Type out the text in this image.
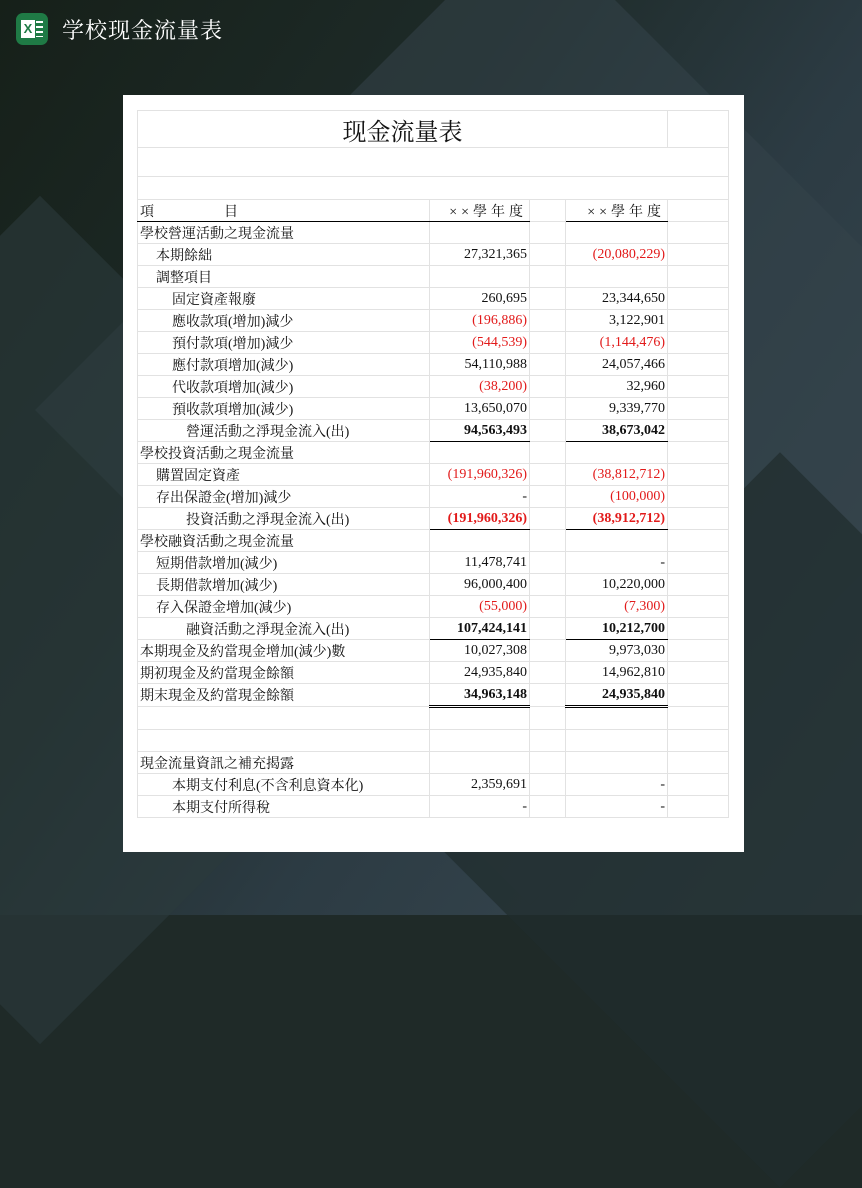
X 学校现金流量表
现金流量表				

項 目	××學年度		××學年度	
學校營運活動之現金流量				
本期餘絀	27,321,365		(20,080,229)	
調整項目				
固定資產報廢	260,695		23,344,650	
應收款項(增加)減少	(196,886)		3,122,901	
預付款項(增加)減少	(544,539)		(1,144,476)	
應付款項增加(減少)	54,110,988		24,057,466	
代收款項增加(減少)	(38,200)		32,960	
預收款項增加(減少)	13,650,070		9,339,770	
營運活動之淨現金流入(出)	94,563,493		38,673,042	
學校投資活動之現金流量				
購置固定資產	(191,960,326)		(38,812,712)	
存出保證金(增加)減少	-		(100,000)	
投資活動之淨現金流入(出)	(191,960,326)		(38,912,712)	
學校融資活動之現金流量				
短期借款增加(減少)	11,478,741		-	
長期借款增加(減少)	96,000,400		10,220,000	
存入保證金增加(減少)	(55,000)		(7,300)	
融資活動之淨現金流入(出)	107,424,141		10,212,700	
本期現金及約當現金增加(減少)數	10,027,308		9,973,030	
期初現金及約當現金餘額	24,935,840		14,962,810	
期末現金及約當現金餘額	34,963,148		24,935,840	

現金流量資訊之補充揭露				
本期支付利息(不含利息資本化)	2,359,691		-	
本期支付所得稅	-		-	
